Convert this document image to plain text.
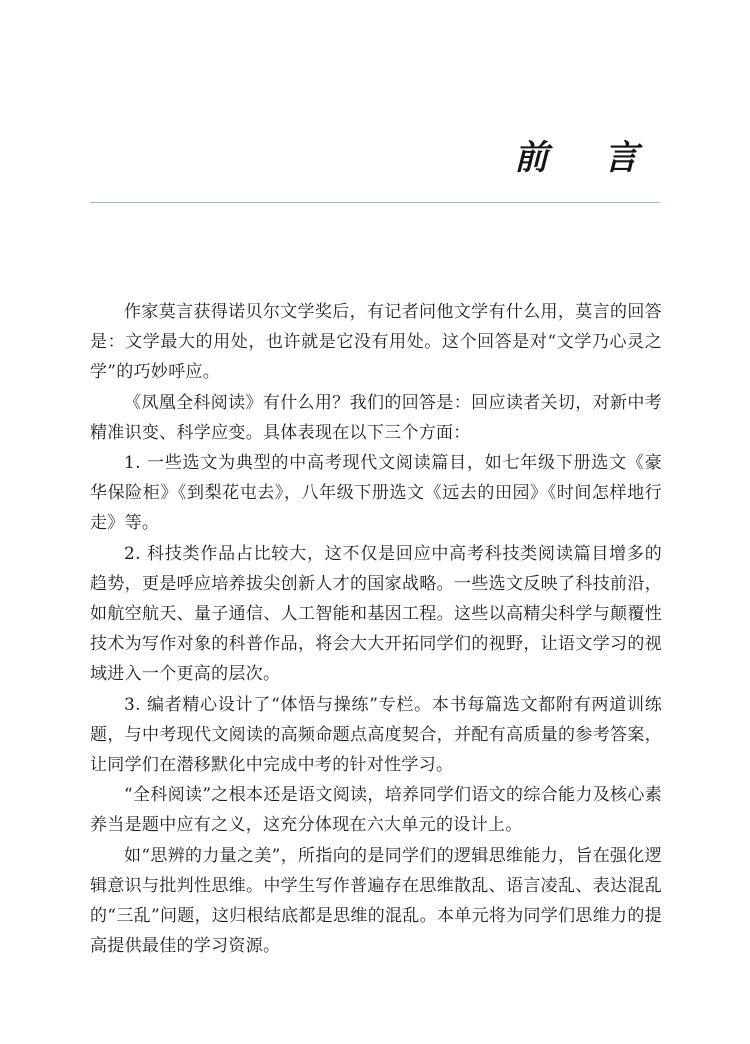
前 言

作家莫言获得诺贝尔文学奖后，有记者问他文学有什么用，莫言的回答是：文学最大的用处，也许就是它没有用处。这个回答是对“文学乃心灵之学”的巧妙呼应。

《凤凰全科阅读》有什么用？我们的回答是：回应读者关切，对新中考精准识变、科学应变。具体表现在以下三个方面：

1. 一些选文为典型的中高考现代文阅读篇目，如七年级下册选文《豪华保险柜》《到梨花屯去》，八年级下册选文《远去的田园》《时间怎样地行走》等。

2. 科技类作品占比较大，这不仅是回应中高考科技类阅读篇目增多的趋势，更是呼应培养拔尖创新人才的国家战略。一些选文反映了科技前沿，如航空航天、量子通信、人工智能和基因工程。这些以高精尖科学与颠覆性技术为写作对象的科普作品，将会大大开拓同学们的视野，让语文学习的视域进入一个更高的层次。

3. 编者精心设计了“体悟与操练”专栏。本书每篇选文都附有两道训练题，与中考现代文阅读的高频命题点高度契合，并配有高质量的参考答案，让同学们在潜移默化中完成中考的针对性学习。

“全科阅读”之根本还是语文阅读，培养同学们语文的综合能力及核心素养当是题中应有之义，这充分体现在六大单元的设计上。

如“思辨的力量之美”，所指向的是同学们的逻辑思维能力，旨在强化逻辑意识与批判性思维。中学生写作普遍存在思维散乱、语言凌乱、表达混乱的“三乱”问题，这归根结底都是思维的混乱。本单元将为同学们思维力的提高提供最佳的学习资源。
